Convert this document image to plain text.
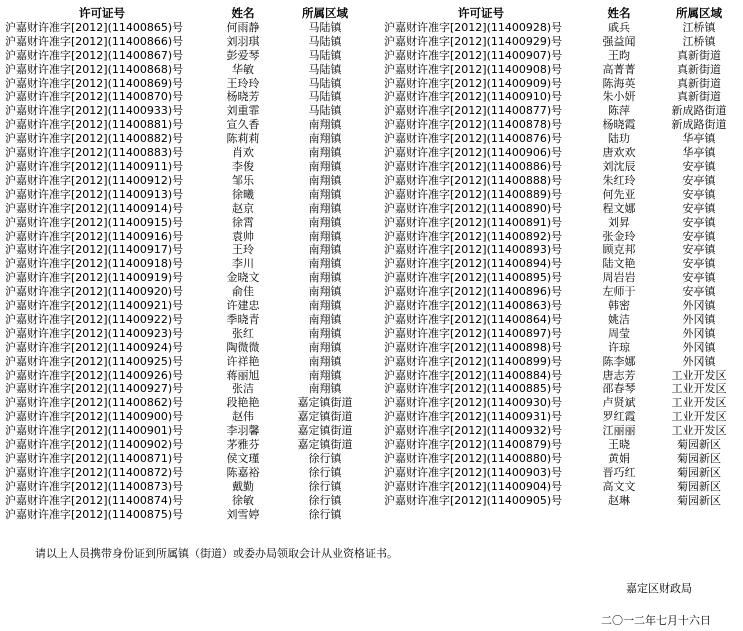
许可证号	姓名	所属区域
沪嘉财许准字[2012](11400865)号	何雨静	马陆镇
沪嘉财许准字[2012](11400866)号	刘羽琪	马陆镇
沪嘉财许准字[2012](11400867)号	彭爱琴	马陆镇
沪嘉财许准字[2012](11400868)号	华敏	马陆镇
沪嘉财许准字[2012](11400869)号	王玲玲	马陆镇
沪嘉财许准字[2012](11400870)号	杨晓芳	马陆镇
沪嘉财许准字[2012](11400933)号	刘重霏	马陆镇
沪嘉财许准字[2012](11400881)号	宣久香	南翔镇
沪嘉财许准字[2012](11400882)号	陈莉莉	南翔镇
沪嘉财许准字[2012](11400883)号	肖欢	南翔镇
沪嘉财许准字[2012](11400911)号	李俊	南翔镇
沪嘉财许准字[2012](11400912)号	邹乐	南翔镇
沪嘉财许准字[2012](11400913)号	徐曦	南翔镇
沪嘉财许准字[2012](11400914)号	赵京	南翔镇
沪嘉财许准字[2012](11400915)号	徐霄	南翔镇
沪嘉财许准字[2012](11400916)号	袁帅	南翔镇
沪嘉财许准字[2012](11400917)号	王玲	南翔镇
沪嘉财许准字[2012](11400918)号	李川	南翔镇
沪嘉财许准字[2012](11400919)号	金晓文	南翔镇
沪嘉财许准字[2012](11400920)号	俞佳	南翔镇
沪嘉财许准字[2012](11400921)号	许建忠	南翔镇
沪嘉财许准字[2012](11400922)号	季晓青	南翔镇
沪嘉财许准字[2012](11400923)号	张红	南翔镇
沪嘉财许准字[2012](11400924)号	陶微微	南翔镇
沪嘉财许准字[2012](11400925)号	许祥艳	南翔镇
沪嘉财许准字[2012](11400926)号	蒋丽旭	南翔镇
沪嘉财许准字[2012](11400927)号	张洁	南翔镇
沪嘉财许准字[2012](11400862)号	段艳艳	嘉定镇街道
沪嘉财许准字[2012](11400900)号	赵伟	嘉定镇街道
沪嘉财许准字[2012](11400901)号	李羽馨	嘉定镇街道
沪嘉财许准字[2012](11400902)号	茅雅芬	嘉定镇街道
沪嘉财许准字[2012](11400871)号	侯文瑾	徐行镇
沪嘉财许准字[2012](11400872)号	陈嘉裕	徐行镇
沪嘉财许准字[2012](11400873)号	戴勤	徐行镇
沪嘉财许准字[2012](11400874)号	徐敏	徐行镇
沪嘉财许准字[2012](11400875)号	刘雪婷	徐行镇
许可证号	姓名	所属区域
沪嘉财许准字[2012](11400928)号	戚兵	江桥镇
沪嘉财许准字[2012](11400929)号	强益闻	江桥镇
沪嘉财许准字[2012](11400907)号	王昀	真新街道
沪嘉财许准字[2012](11400908)号	高菁菁	真新街道
沪嘉财许准字[2012](11400909)号	陈海英	真新街道
沪嘉财许准字[2012](11400910)号	朱小妍	真新街道
沪嘉财许准字[2012](11400877)号	陈萍	新成路街道
沪嘉财许准字[2012](11400878)号	杨晓霞	新成路街道
沪嘉财许准字[2012](11400876)号	陆玏	华亭镇
沪嘉财许准字[2012](11400906)号	唐欢欢	华亭镇
沪嘉财许准字[2012](11400886)号	刘沈辰	安亭镇
沪嘉财许准字[2012](11400888)号	朱红玲	安亭镇
沪嘉财许准字[2012](11400889)号	何先亚	安亭镇
沪嘉财许准字[2012](11400890)号	程文娜	安亭镇
沪嘉财许准字[2012](11400891)号	刘昇	安亭镇
沪嘉财许准字[2012](11400892)号	张金玲	安亭镇
沪嘉财许准字[2012](11400893)号	顾克邦	安亭镇
沪嘉财许准字[2012](11400894)号	陆文艳	安亭镇
沪嘉财许准字[2012](11400895)号	周岩岩	安亭镇
沪嘉财许准字[2012](11400896)号	左师于	安亭镇
沪嘉财许准字[2012](11400863)号	韩密	外冈镇
沪嘉财许准字[2012](11400864)号	姚洁	外冈镇
沪嘉财许准字[2012](11400897)号	周莹	外冈镇
沪嘉财许准字[2012](11400898)号	许琼	外冈镇
沪嘉财许准字[2012](11400899)号	陈李娜	外冈镇
沪嘉财许准字[2012](11400884)号	唐志芳	工业开发区
沪嘉财许准字[2012](11400885)号	邵春琴	工业开发区
沪嘉财许准字[2012](11400930)号	卢贤斌	工业开发区
沪嘉财许准字[2012](11400931)号	罗红霞	工业开发区
沪嘉财许准字[2012](11400932)号	江丽丽	工业开发区
沪嘉财许准字[2012](11400879)号	王晓	菊园新区
沪嘉财许准字[2012](11400880)号	黄娟	菊园新区
沪嘉财许准字[2012](11400903)号	晋巧红	菊园新区
沪嘉财许准字[2012](11400904)号	高文文	菊园新区
沪嘉财许准字[2012](11400905)号	赵琳	菊园新区
请以上人员携带身份证到所属镇（街道）或委办局领取会计从业资格证书。
嘉定区财政局
二〇一二年七月十六日
